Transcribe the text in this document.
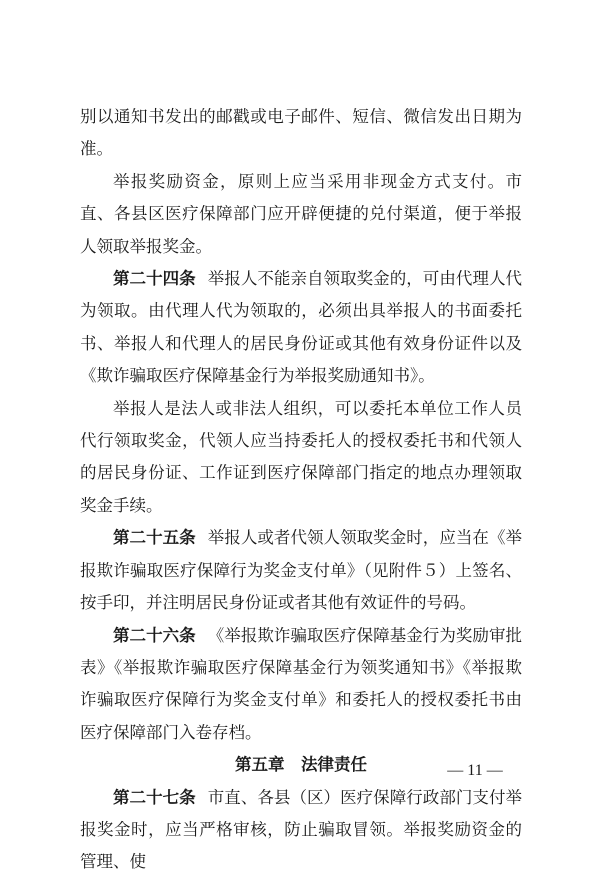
别以通知书发出的邮戳或电子邮件、短信、微信发出日期为准。

举报奖励资金，原则上应当采用非现金方式支付。市直、各县区医疗保障部门应开辟便捷的兑付渠道，便于举报人领取举报奖金。

第二十四条 举报人不能亲自领取奖金的，可由代理人代为领取。由代理人代为领取的，必须出具举报人的书面委托书、举报人和代理人的居民身份证或其他有效身份证件以及《欺诈骗取医疗保障基金行为举报奖励通知书》。

举报人是法人或非法人组织，可以委托本单位工作人员代行领取奖金，代领人应当持委托人的授权委托书和代领人的居民身份证、工作证到医疗保障部门指定的地点办理领取奖金手续。

第二十五条 举报人或者代领人领取奖金时，应当在《举报欺诈骗取医疗保障行为奖金支付单》（见附件５）上签名、按手印，并注明居民身份证或者其他有效证件的号码。

第二十六条 《举报欺诈骗取医疗保障基金行为奖励审批表》《举报欺诈骗取医疗保障基金行为领奖通知书》《举报欺诈骗取医疗保障行为奖金支付单》和委托人的授权委托书由医疗保障部门入卷存档。

第五章　法律责任

第二十七条 市直、各县（区）医疗保障行政部门支付举报奖金时，应当严格审核，防止骗取冒领。举报奖励资金的管理、使

— 11 —
